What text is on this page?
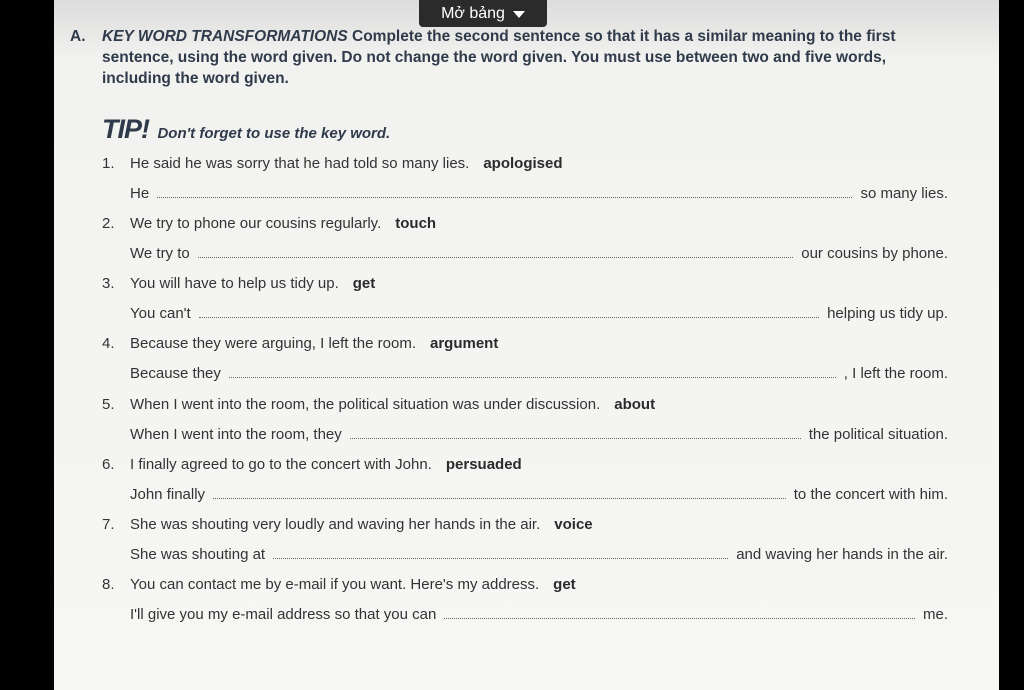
Mở bảng
A. KEY WORD TRANSFORMATIONS Complete the second sentence so that it has a similar meaning to the first sentence, using the word given. Do not change the word given. You must use between two and five words, including the word given.
TIP! Don't forget to use the key word.
1. He said he was sorry that he had told so many lies. apologised
He	so many lies.
2. We try to phone our cousins regularly. touch
We try to	our cousins by phone.
3. You will have to help us tidy up. get
You can't	helping us tidy up.
4. Because they were arguing, I left the room. argument
Because they	, I left the room.
5. When I went into the room, the political situation was under discussion. about
When I went into the room, they	the political situation.
6. I finally agreed to go to the concert with John. persuaded
John finally	to the concert with him.
7. She was shouting very loudly and waving her hands in the air. voice
She was shouting at	and waving her hands in the air.
8. You can contact me by e-mail if you want. Here's my address. get
I'll give you my e-mail address so that you can	me.
